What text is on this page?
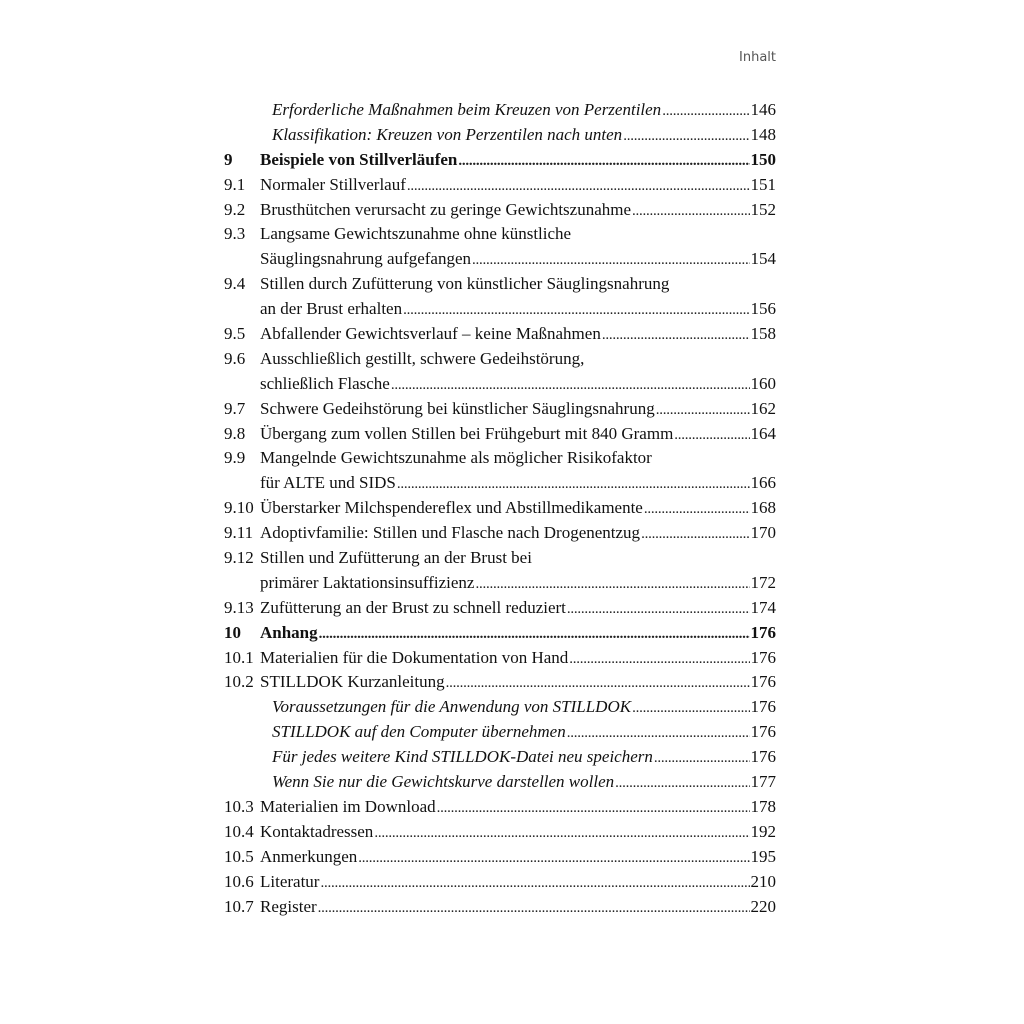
Inhalt
Erforderliche Maßnahmen beim Kreuzen von Perzentilen . . .	146
Klassifikation: Kreuzen von Perzentilen nach unten . . .	148
9	Beispiele von Stillverläufen . . .	150
9.1 Normaler Stillverlauf . . .	151
9.2 Brusthütchen verursacht zu geringe Gewichtszunahme . . .	152
9.3 Langsame Gewichtszunahme ohne künstliche
Säuglingsnahrung aufgefangen . . .	154
9.4 Stillen durch Zufütterung von künstlicher Säuglingsnahrung
an der Brust erhalten . . .	156
9.5 Abfallender Gewichtsverlauf – keine Maßnahmen . . .	158
9.6 Ausschließlich gestillt, schwere Gedeihstörung,
schließlich Flasche . . .	160
9.7 Schwere Gedeihstörung bei künstlicher Säuglingsnahrung . . .	162
9.8 Übergang zum vollen Stillen bei Frühgeburt mit 840 Gramm . . .	164
9.9 Mangelnde Gewichtszunahme als möglicher Risikofaktor
für ALTE und SIDS . . .	166
9.10 Überstarker Milchspendereflex und Abstillmedikamente . . .	168
9.11 Adoptivfamilie: Stillen und Flasche nach Drogenentzug . . .	170
9.12 Stillen und Zufütterung an der Brust bei
primärer Laktationsinsuffizienz . . .	172
9.13 Zufütterung an der Brust zu schnell reduziert . . .	174
10	Anhang . . .	176
10.1 Materialien für die Dokumentation von Hand . . .	176
10.2 STILLDOK Kurzanleitung . . .	176
Voraussetzungen für die Anwendung von STILLDOK . . .	176
STILLDOK auf den Computer übernehmen . . .	176
Für jedes weitere Kind STILLDOK-Datei neu speichern . . .	176
Wenn Sie nur die Gewichtskurve darstellen wollen . . .	177
10.3 Materialien im Download . . .	178
10.4 Kontaktadressen . . .	192
10.5 Anmerkungen . . .	195
10.6 Literatur . . .	210
10.7 Register . . .	220
